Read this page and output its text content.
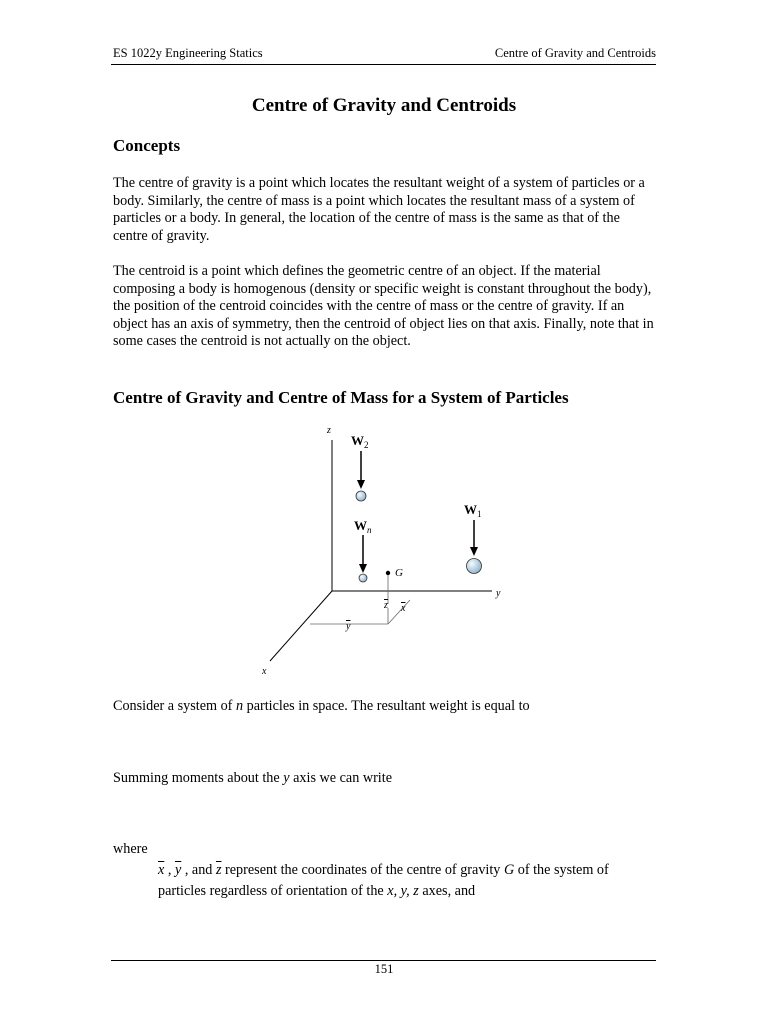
ES 1022y Engineering Statics	Centre of Gravity and Centroids
Centre of Gravity and Centroids
Concepts

The centre of gravity is a point which locates the resultant weight of a system of particles or a body. Similarly, the centre of mass is a point which locates the resultant mass of a system of particles or a body. In general, the location of the centre of mass is the same as that of the centre of gravity.

The centroid is a point which defines the geometric centre of an object. If the material composing a body is homogenous (density or specific weight is constant throughout the body), the position of the centroid coincides with the centre of mass or the centre of gravity. If an object has an axis of symmetry, then the centroid of object lies on that axis. Finally, note that in some cases the centroid is not actually on the object.

Centre of Gravity and Centre of Mass for a System of Particles
z
y
x
$W_2$
$W_n$
$W_1$
G
z
y
x

Consider a system of n particles in space. The resultant weight is equal to

Summing moments about the y axis we can write

where

$\overline{x}$ , $\overline{y}$ , and $\overline{z}$ represent the coordinates of the centre of gravity G of the system of
particles regardless of orientation of the x, y, z axes, and

151
